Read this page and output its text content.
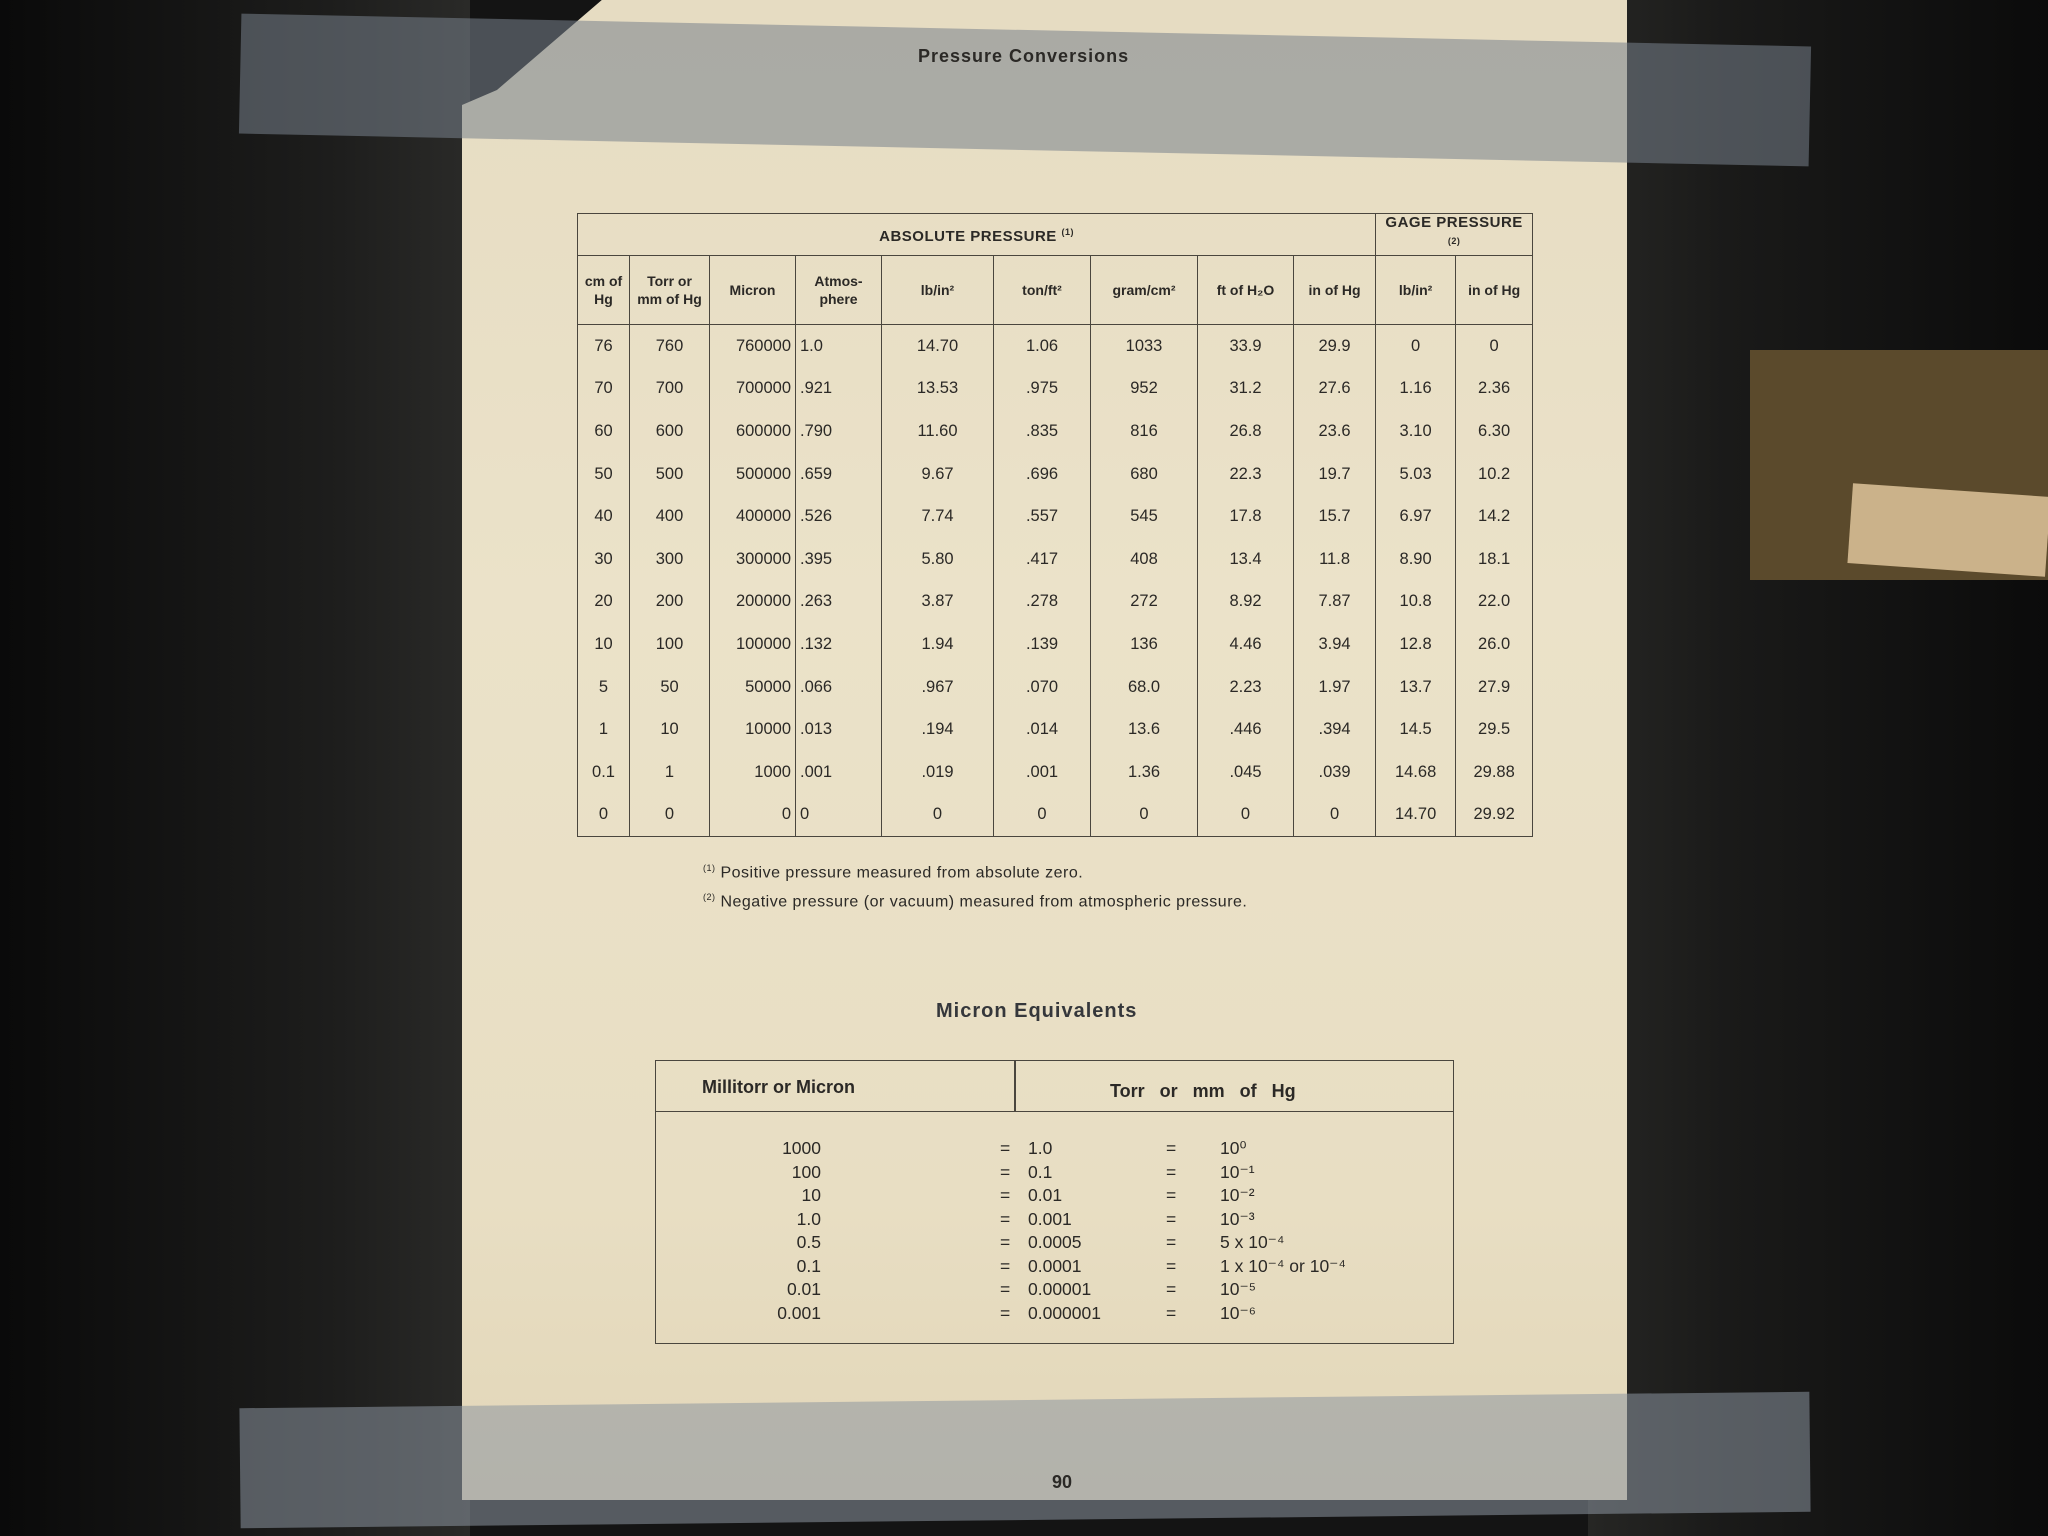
Pressure Conversions
ABSOLUTE PRESSURE $^{(1)}$									GAGE PRESSURE $^{(2)}$
cm of Hg	Torr or mm of Hg	Micron	Atmos-phere	lb/in²	ton/ft²	gram/cm²	ft of H₂O	in of Hg	lb/in²	in of Hg
76	760	760000	1.0	14.70	1.06	1033	33.9	29.9	0	0
70	700	700000	.921	13.53	.975	952	31.2	27.6	1.16	2.36
60	600	600000	.790	11.60	.835	816	26.8	23.6	3.10	6.30
50	500	500000	.659	9.67	.696	680	22.3	19.7	5.03	10.2
40	400	400000	.526	7.74	.557	545	17.8	15.7	6.97	14.2
30	300	300000	.395	5.80	.417	408	13.4	11.8	8.90	18.1
20	200	200000	.263	3.87	.278	272	8.92	7.87	10.8	22.0
10	100	100000	.132	1.94	.139	136	4.46	3.94	12.8	26.0
5	50	50000	.066	.967	.070	68.0	2.23	1.97	13.7	27.9
1	10	10000	.013	.194	.014	13.6	.446	.394	14.5	29.5
0.1	1	1000	.001	.019	.001	1.36	.045	.039	14.68	29.88
0	0	0	0	0	0	0	0	0	14.70	29.92
$^{(1)}$ Positive pressure measured from absolute zero.
$^{(2)}$ Negative pressure (or vacuum) measured from atmospheric pressure.
Micron Equivalents
Millitorr or Micron	Torr or mm of Hg
1000	= 1.0	=	10⁰
100	= 0.1	=	10⁻¹
10	= 0.01	=	10⁻²
1.0	= 0.001	=	10⁻³
0.5	= 0.0005	=	5 x 10⁻⁴
0.1	= 0.0001	=	1 x 10⁻⁴ or 10⁻⁴
0.01	= 0.00001	=	10⁻⁵
0.001	= 0.000001	=	10⁻⁶
90
